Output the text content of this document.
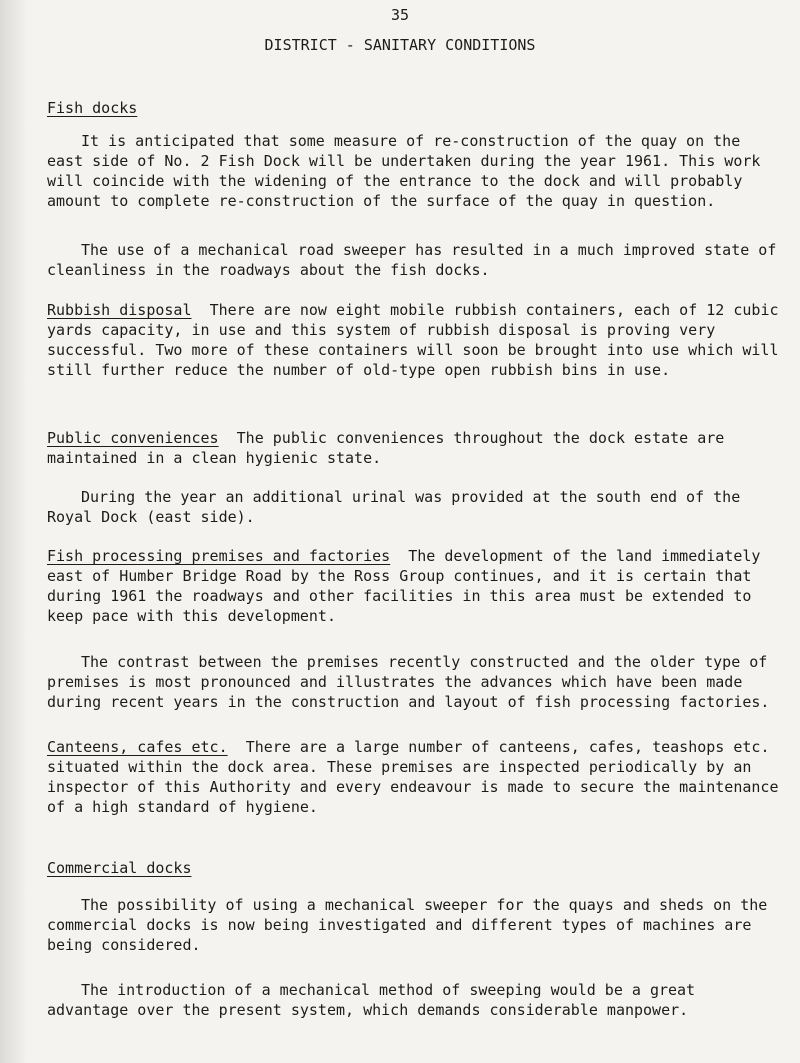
35
DISTRICT - SANITARY CONDITIONS
Fish docks

It is anticipated that some measure of re-construction of the quay on the east side of No. 2 Fish Dock will be undertaken during the year 1961. This work will coincide with the widening of the entrance to the dock and will probably amount to complete re-construction of the surface of the quay in question.

The use of a mechanical road sweeper has resulted in a much improved state of cleanliness in the roadways about the fish docks.

Rubbish disposal There are now eight mobile rubbish containers, each of 12 cubic yards capacity, in use and this system of rubbish disposal is proving very successful. Two more of these containers will soon be brought into use which will still further reduce the number of old-type open rubbish bins in use.

Public conveniences The public conveniences throughout the dock estate are maintained in a clean hygienic state.

During the year an additional urinal was provided at the south end of the Royal Dock (east side).

Fish processing premises and factories The development of the land immediately east of Humber Bridge Road by the Ross Group continues, and it is certain that during 1961 the roadways and other facilities in this area must be extended to keep pace with this development.

The contrast between the premises recently constructed and the older type of premises is most pronounced and illustrates the advances which have been made during recent years in the construction and layout of fish processing factories.

Canteens, cafes etc. There are a large number of canteens, cafes, teashops etc. situated within the dock area. These premises are inspected periodically by an inspector of this Authority and every endeavour is made to secure the maintenance of a high standard of hygiene.

Commercial docks

The possibility of using a mechanical sweeper for the quays and sheds on the commercial docks is now being investigated and different types of machines are being considered.

The introduction of a mechanical method of sweeping would be a great advantage over the present system, which demands considerable manpower.
